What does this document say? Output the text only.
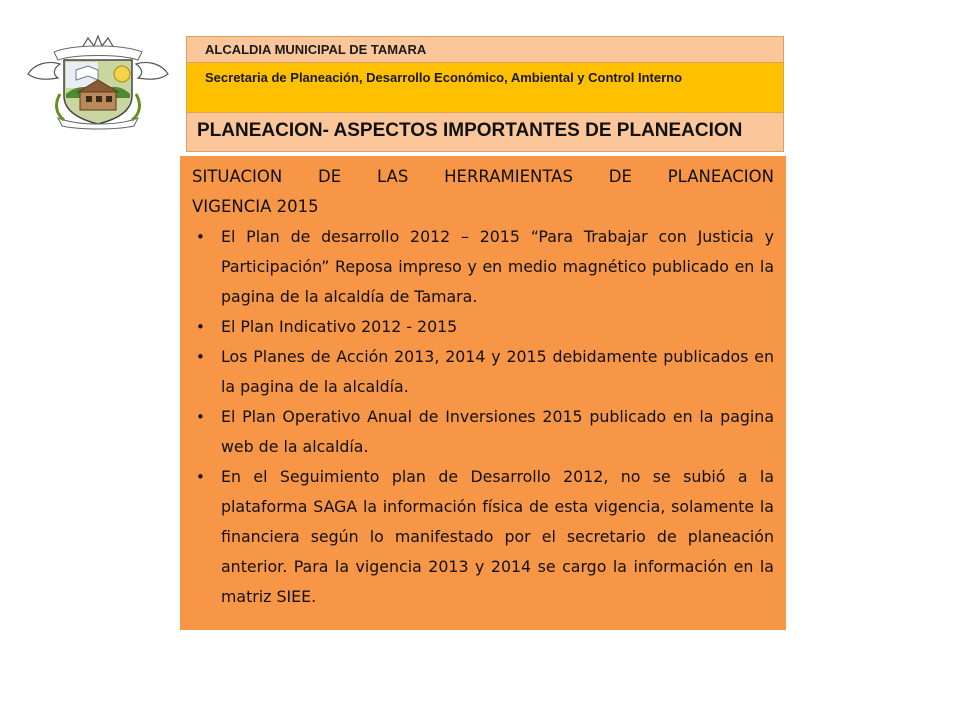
ALCALDIA MUNICIPAL DE TAMARA
Secretaria de Planeación, Desarrollo Económico, Ambiental y Control Interno
PLANEACION- ASPECTOS IMPORTANTES DE PLANEACION
SITUACION DE LAS HERRAMIENTAS DE PLANEACION
VIGENCIA 2015
• El Plan de desarrollo 2012 – 2015 “Para Trabajar con Justicia y Participación” Reposa impreso y en medio magnético publicado en la pagina de la alcaldía de Tamara.
• El Plan Indicativo 2012 - 2015
• Los Planes de Acción 2013, 2014 y 2015 debidamente publicados en la pagina de la alcaldía.
• El Plan Operativo Anual de Inversiones 2015 publicado en la pagina web de la alcaldía.
• En el Seguimiento plan de Desarrollo 2012, no se subió a la plataforma SAGA la información física de esta vigencia, solamente la financiera según lo manifestado por el secretario de planeación anterior. Para la vigencia 2013 y 2014 se cargo la información en la matriz SIEE.
